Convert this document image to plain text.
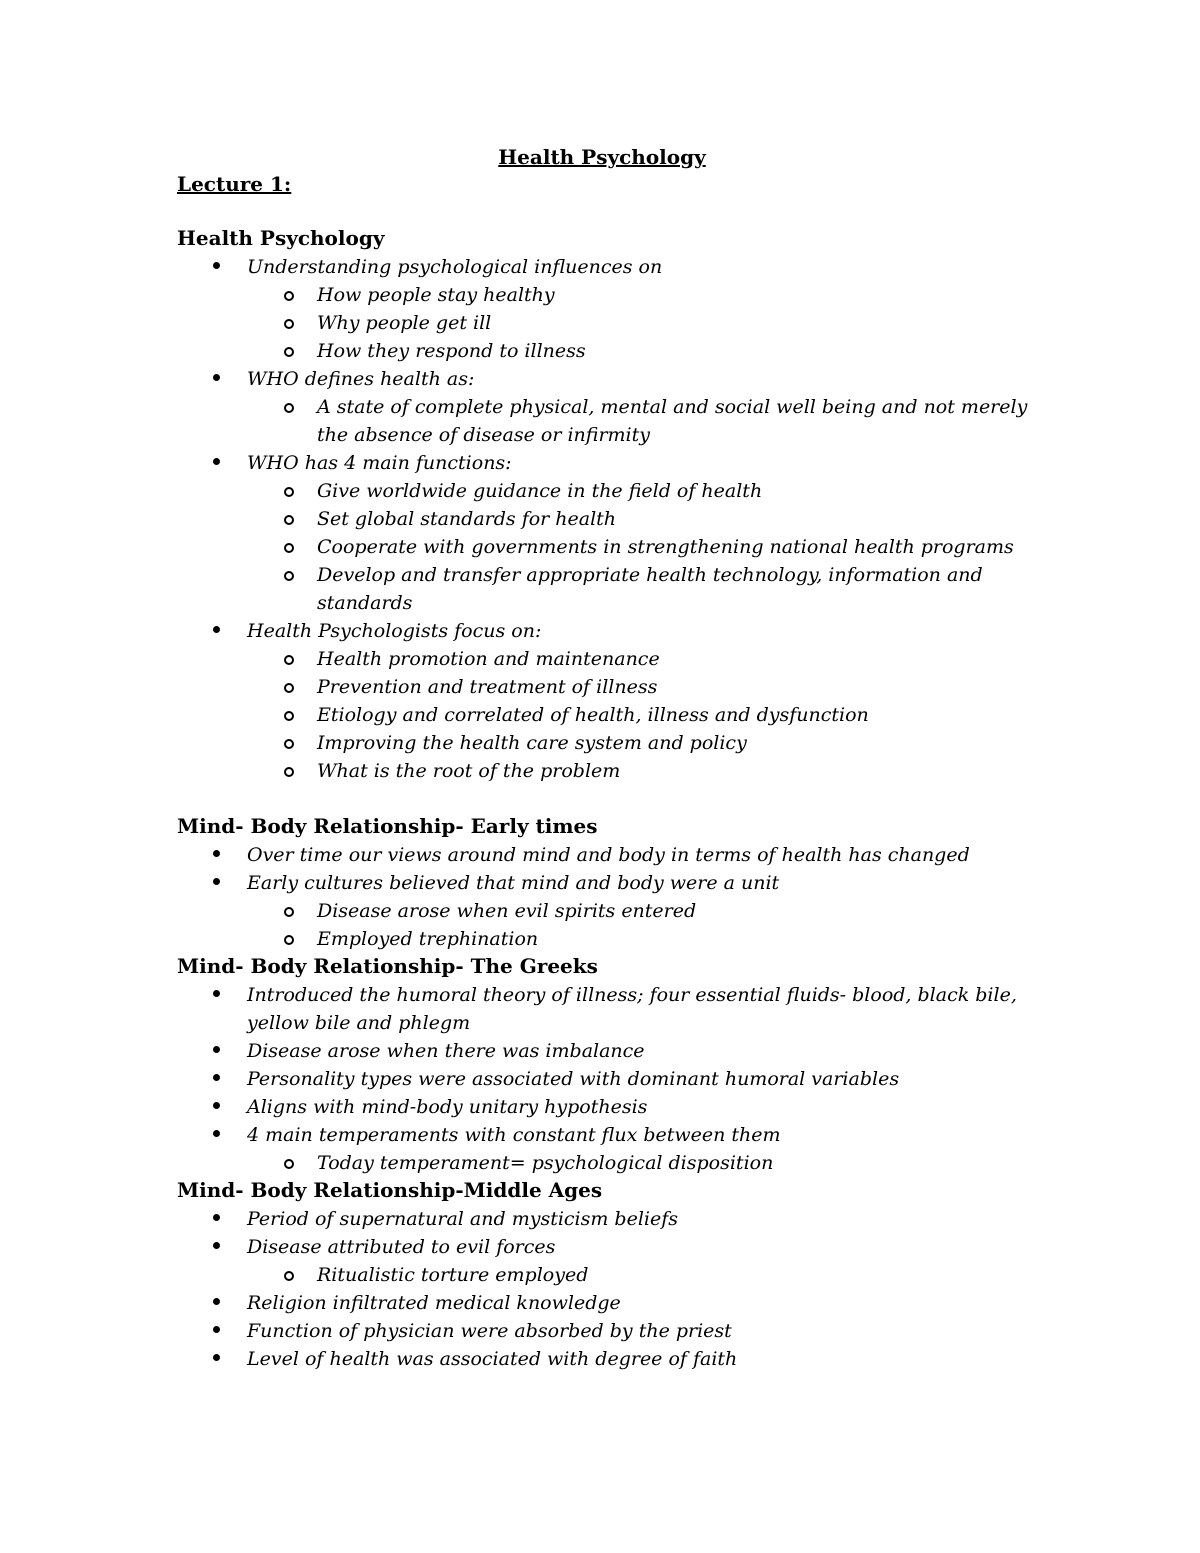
Health Psychology
Lecture 1:
Health Psychology
Understanding psychological influences on
How people stay healthy
Why people get ill
How they respond to illness
WHO defines health as:
A state of complete physical, mental and social well being and not merely the absence of disease or infirmity
WHO has 4 main functions:
Give worldwide guidance in the field of health
Set global standards for health
Cooperate with governments in strengthening national health programs
Develop and transfer appropriate health technology, information and standards
Health Psychologists focus on:
Health promotion and maintenance
Prevention and treatment of illness
Etiology and correlated of health, illness and dysfunction
Improving the health care system and policy
What is the root of the problem
Mind- Body Relationship- Early times
Over time our views around mind and body in terms of health has changed
Early cultures believed that mind and body were a unit
Disease arose when evil spirits entered
Employed trephination
Mind- Body Relationship- The Greeks
Introduced the humoral theory of illness; four essential fluids- blood, black bile, yellow bile and phlegm
Disease arose when there was imbalance
Personality types were associated with dominant humoral variables
Aligns with mind-body unitary hypothesis
4 main temperaments with constant flux between them
Today temperament= psychological disposition
Mind- Body Relationship-Middle Ages
Period of supernatural and mysticism beliefs
Disease attributed to evil forces
Ritualistic torture employed
Religion infiltrated medical knowledge
Function of physician were absorbed by the priest
Level of health was associated with degree of faith
